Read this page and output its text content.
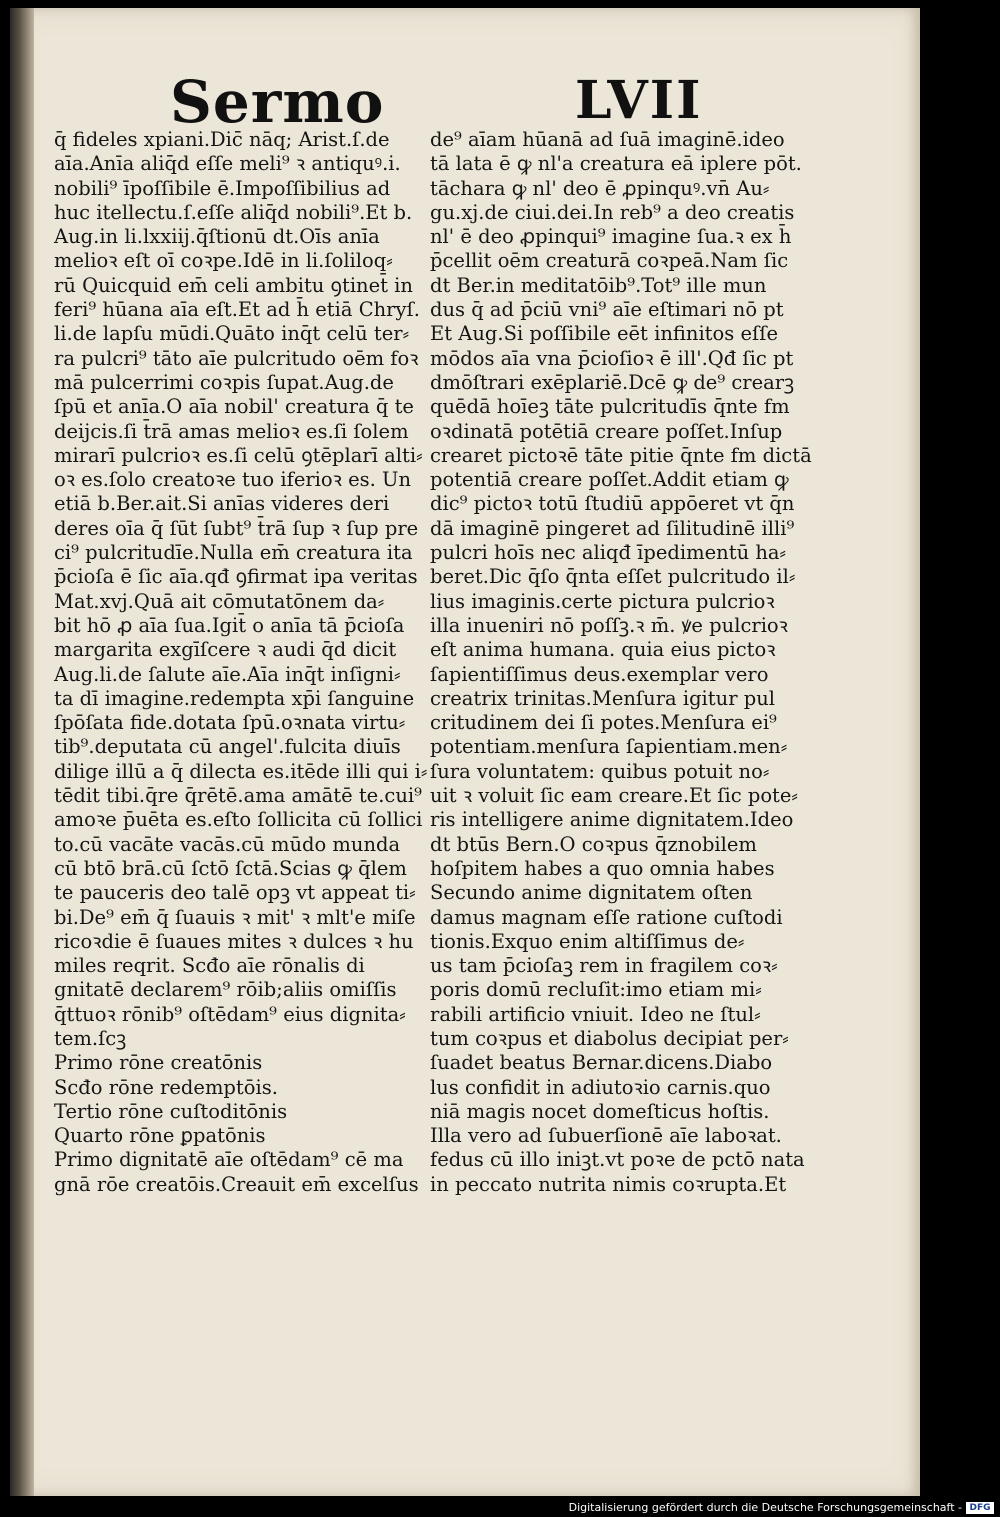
Sermo	LVII
q̄ fideles xpiani.Dic̄ nāq; Arist.ſ.de
aīa.Anīa aliq̄d eſſe meli⁹ ꝛ antiquꝰ.i.
nobili⁹ īpoſſibile ē.Impoſſibilius ad
huc itellectu.ſ.eſſe aliq̄d nobili⁹.Et b.
Aug.in li.lxxiij.q̄ſtionū dt.Oīs anīa
melioꝛ eſt oī coꝛpe.Idē in li.ſoliloq⸗
rū Quicquid em̄ celi ambitu ꝯtinet̄ in
feri⁹ hūana aīa eſt.Et ad h̄ etiā Chryſ.
li.de lapſu mūdi.Quāto inq̄t celū ter⸗
ra pulcri⁹ tāto aīe pulcritudo oēm foꝛ
mā pulcerrimi coꝛpis ſupat.Aug.de
ſpū et anīa.O aīa nobil' creatura q̄ te
deijcis.ſi t̄rā amas melioꝛ es.ſi ſolem
mirarī pulcrioꝛ es.ſi celū ꝯtēplarī alti⸗
oꝛ es.ſolo creatoꝛe tuo iferioꝛ es. Un
etiā b.Ber.ait.Si anīas videres deri
deres oīa q̄ ſūt ſubt⁹ t̄rā ſup ꝛ ſup pre
ci⁹ pulcritudīe.Nulla em̄ creatura ita
p̄cioſa ē ſic aīa.qđ ꝯfirmat ipa veritas
Mat.xvj.Quā ait cōmutatōnem da⸗
bit hō ꝓ aīa ſua.Igit̄ o anīa tā p̄cioſa
margarita exgīſcere ꝛ audi q̄d dicit
Aug.li.de ſalute aīe.Aīa inq̄t inſigni⸗
ta dī imagine.redempta xp̄i ſanguine
ſpōſata fide.dotata ſpū.oꝛnata virtu⸗
tib⁹.deputata cū angel'.fulcita diuīs
dilige illū a q̄ dilecta es.itēde illi qui i⸗
tēdit tibi.q̄re q̄rētē.ama amātē te.cui⁹
amoꝛe p̄uēta es.eſto ſollicita cū ſollici
to.cū vacāte vacās.cū mūdo munda
cū btō brā.cū ſctō ſctā.Scias ꝙ q̄lem
te pauceris deo talē opꝫ vt appeat ti⸗
bi.De⁹ em̄ q̄ ſuauis ꝛ mit' ꝛ mlt'e miſe
ricoꝛdie ē ſuaues mites ꝛ dulces ꝛ hu
miles reqrit. Scđo aīe rōnalis di
gnitatē declarem⁹ rōib;aliis omiſſis
q̄ttuoꝛ rōnib⁹ oſtēdam⁹ eius dignita⸗
tem.ſcꝫ
Primo rōne creatōnis
Scđo rōne redemptōis.
Tertio rōne cuſtoditōnis
Quarto rōne ꝑpatōnis
Primo dignitatē aīe oſtēdam⁹ cē ma
gnā rōe creatōis.Creauit em̄ excelſus
de⁹ aīam hūanā ad ſuā imaginē.ideo
tā lata ē ꝙ nl'a creatura eā iplere pōt.
tāchara ꝙ nl' deo ē ꝓpinquꝰ.vn̄ Au⸗
gu.xj.de ciui.dei.In reb⁹ a deo creatis
nl' ē deo ꝓpinqui⁹ imagine ſua.ꝛ ex h̄
p̄cellit oēm creaturā coꝛpeā.Nam ſic
dt Ber.in meditatōib⁹.Tot⁹ ille mun
dus q̄ ad p̄ciū vni⁹ aīe eſtimari nō pt
Et Aug.Si poſſibile eēt infinitos eſſe
mōdos aīa vna p̄cioſioꝛ ē ill'.Qđ ſic pt
dmōſtrari exēplariē.Dcē ꝙ de⁹ crearꝫ
quēdā hoīeꝫ tāte pulcritudīs q̄nte fm
oꝛdinatā potētiā creare poſſet.Inſup
crearet pictoꝛē tāte pitie q̄nte fm dictā
potentiā creare poſſet.Addit etiam ꝙ
dic⁹ pictoꝛ totū ſtudiū appōeret vt q̄n
dā imaginē pingeret ad ſilitudinē illi⁹
pulcri hoīs nec aliqđ īpedimentū ha⸗
beret.Dic q̄ſo q̄nta eſſet pulcritudo il⸗
lius imaginis.certe pictura pulcrioꝛ
illa inueniri nō poſſꝫ.ꝛ m̄. ꝟe pulcrioꝛ
eſt anima humana. quia eius pictoꝛ
ſapientiſſimus deus.exemplar vero
creatrix trinitas.Menſura igitur pul
critudinem dei ſi potes.Menſura ei⁹
potentiam.menſura ſapientiam.men⸗
ſura voluntatem: quibus potuit no⸗
uit ꝛ voluit ſic eam creare.Et ſic pote⸗
ris intelligere anime dignitatem.Ideo
dt btūs Bern.O coꝛpus q̄znobilem
hoſpitem habes a quo omnia habes
Secundo anime dignitatem oſten
damus magnam eſſe ratione cuſtodi
tionis.Exquo enim altiſſimus de⸗
us tam p̄cioſaꝫ rem in fragilem coꝛ⸗
poris domū recluſit:imo etiam mi⸗
rabili artificio vniuit. Ideo ne ſtul⸗
tum coꝛpus et diabolus decipiat per⸗
ſuadet beatus Bernar.dicens.Diabo
lus confidit in adiutoꝛio carnis.quo
niā magis nocet domeſticus hoſtis.
Illa vero ad ſubuerſionē aīe laboꝛat.
fedus cū illo iniꝫt.vt poꝛe de pctō nata
in peccato nutrita nimis coꝛrupta.Et
Digitalisierung gefördert durch die Deutsche Forschungsgemeinschaft - DFG
